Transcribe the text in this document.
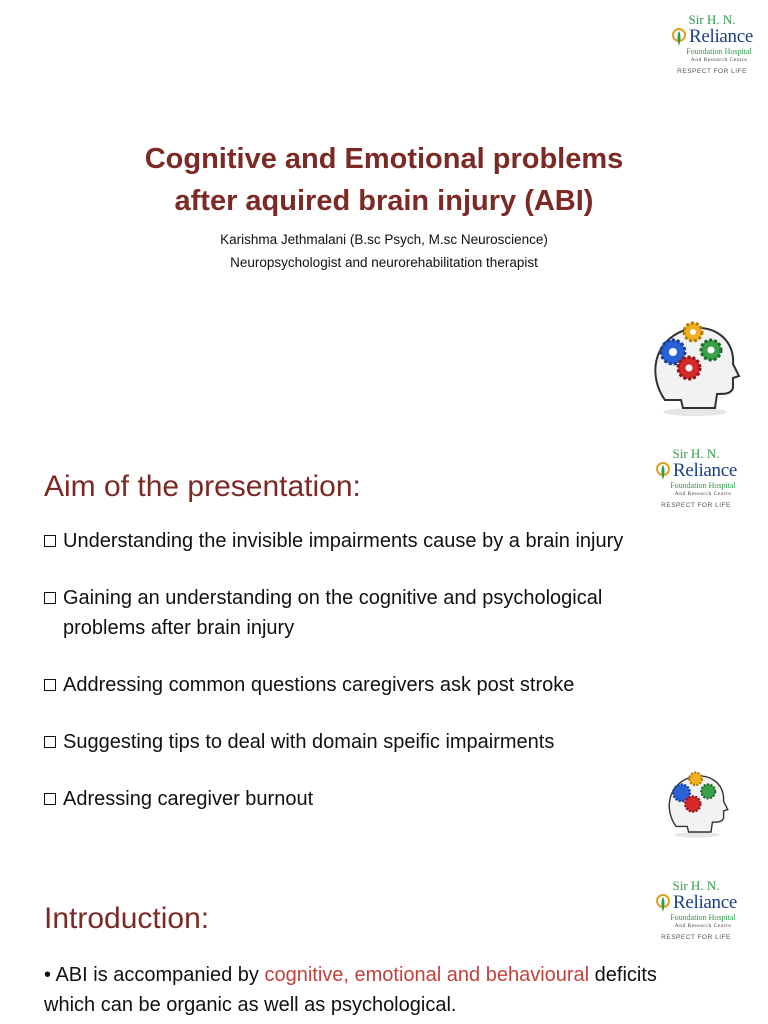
Sir H. N.
Reliance
Foundation Hospital
And Research Centre
RESPECT FOR LIFE
Cognitive and Emotional problems
after aquired brain injury (ABI)
Karishma Jethmalani (B.sc Psych, M.sc Neuroscience)
Neuropsychologist and neurorehabilitation therapist
Sir H. N.
Reliance
Foundation Hospital
And Research Centre
RESPECT FOR LIFE
Aim of the presentation:
Understanding the invisible impairments cause by a brain injury
Gaining an understanding on the cognitive and psychological problems after brain injury
Addressing common questions caregivers ask post stroke
Suggesting tips to deal with domain speific impairments
Adressing caregiver burnout
Sir H. N.
Reliance
Foundation Hospital
And Research Centre
RESPECT FOR LIFE
Introduction:

• ABI is accompanied by cognitive, emotional and behavioural deficits which can be organic as well as psychological.
